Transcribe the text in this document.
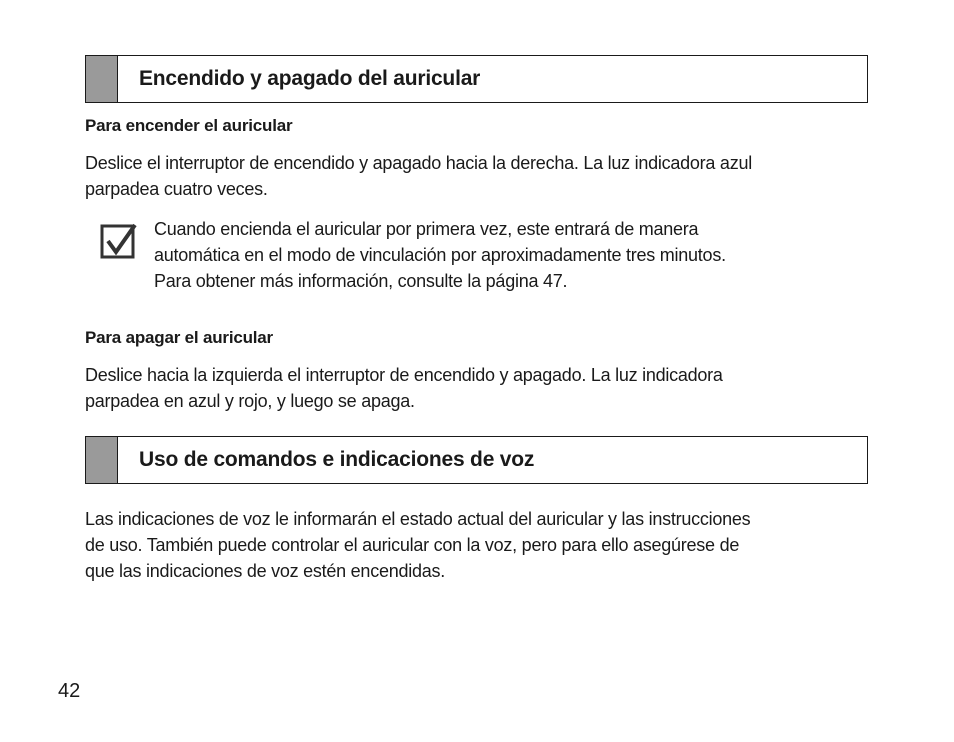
Encendido y apagado del auricular
Para encender el auricular
Deslice el interruptor de encendido y apagado hacia la derecha. La luz indicadora azul
parpadea cuatro veces.
Cuando encienda el auricular por primera vez, este entrará de manera
automática en el modo de vinculación por aproximadamente tres minutos.
Para obtener más información, consulte la página 47.
Para apagar el auricular
Deslice hacia la izquierda el interruptor de encendido y apagado. La luz indicadora
parpadea en azul y rojo, y luego se apaga.
Uso de comandos e indicaciones de voz
Las indicaciones de voz le informarán el estado actual del auricular y las instrucciones
de uso. También puede controlar el auricular con la voz, pero para ello asegúrese de
que las indicaciones de voz estén encendidas.
42
